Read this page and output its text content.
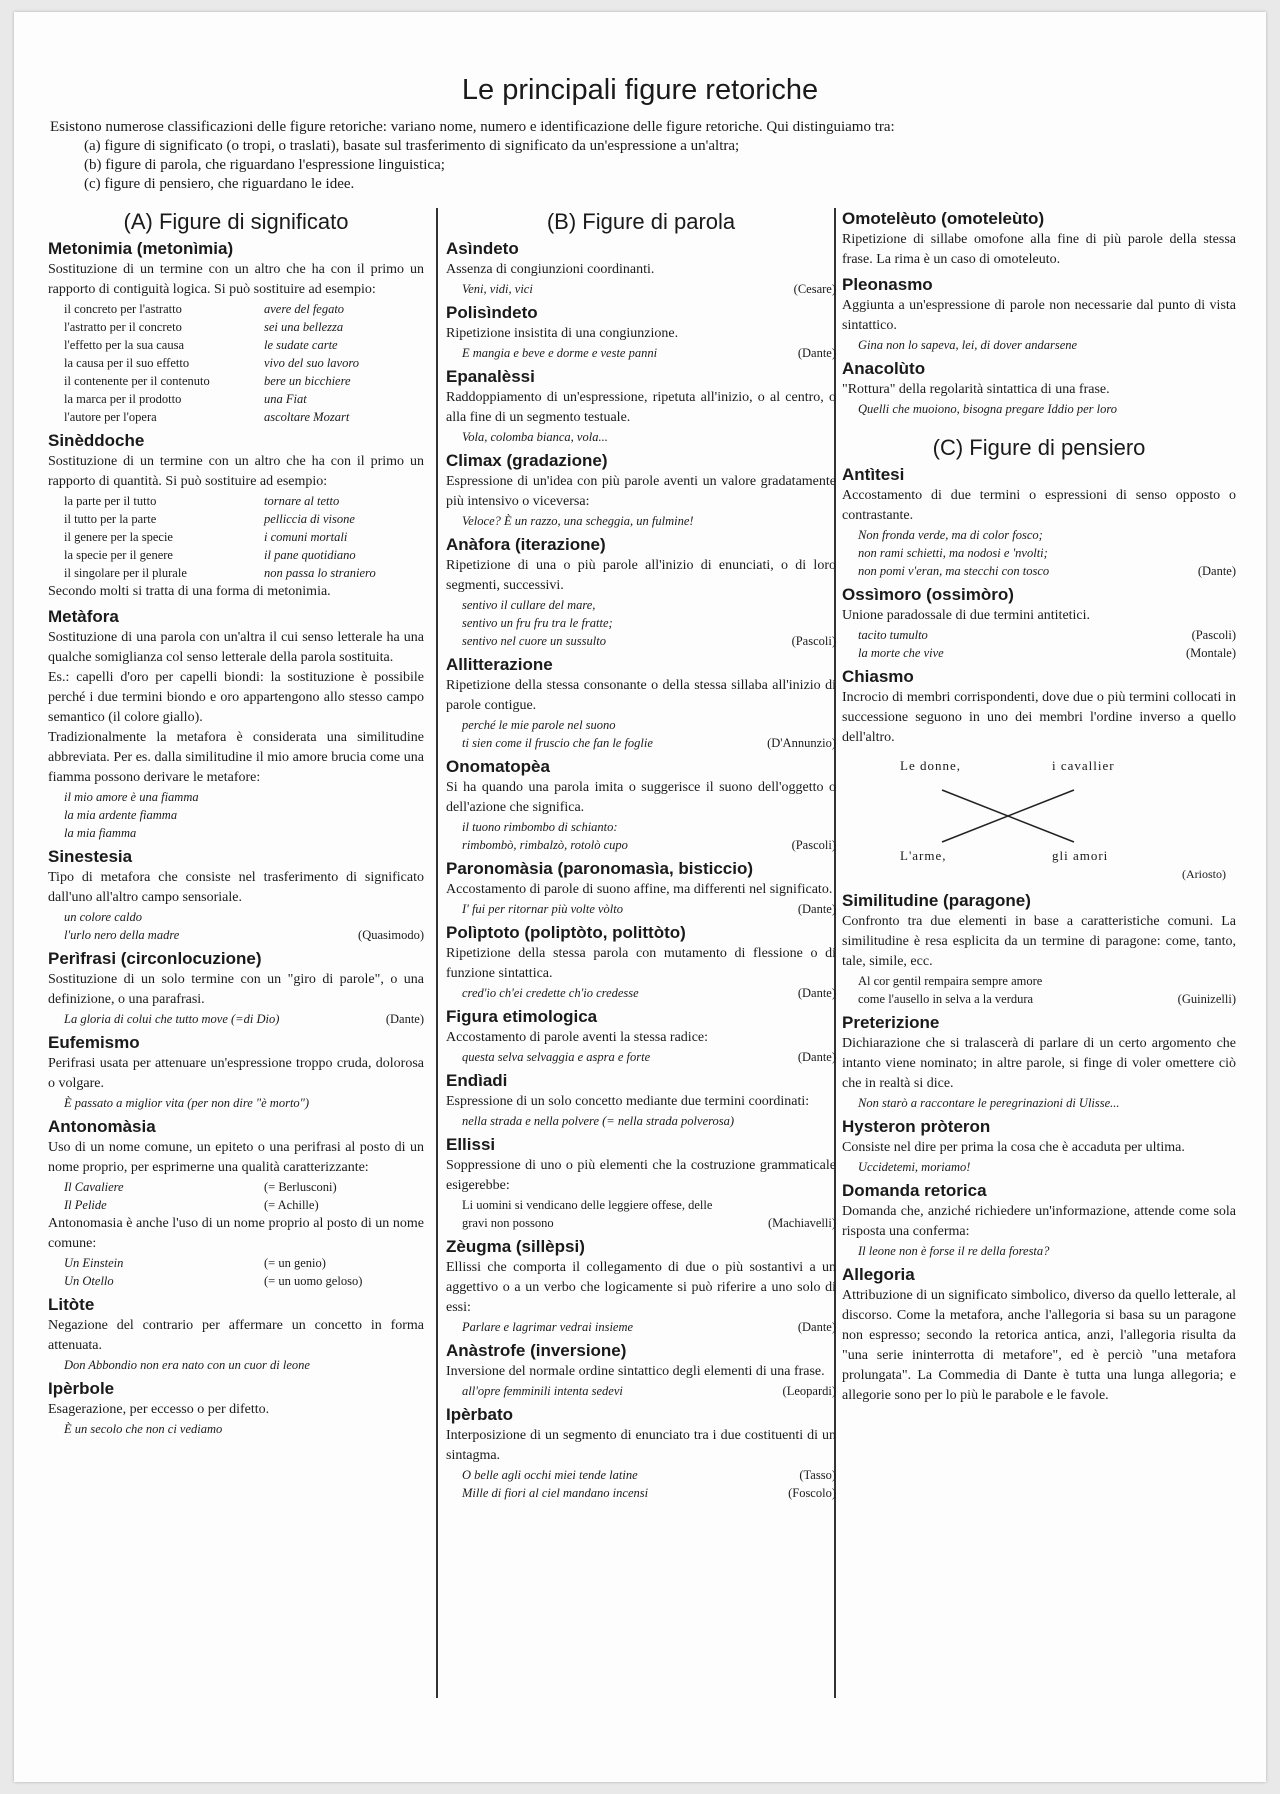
Le principali figure retoriche

Esistono numerose classificazioni delle figure retoriche: variano nome, numero e identificazione delle figure retoriche. Qui distinguiamo tra:

(a) figure di significato (o tropi, o traslati), basate sul trasferimento di significato da un'espressione a un'altra;
(b) figure di parola, che riguardano l'espressione linguistica;
(c) figure di pensiero, che riguardano le idee.
(A) Figure di significato
Metonimia (metonìmia)

Sostituzione di un termine con un altro che ha con il primo un rapporto di contiguità logica. Si può sostituire ad esempio:

il concreto per l'astratto	avere del fegato
l'astratto per il concreto	sei una bellezza
l'effetto per la sua causa	le sudate carte
la causa per il suo effetto	vivo del suo lavoro
il contenente per il contenuto	bere un bicchiere
la marca per il prodotto	una Fiat
l'autore per l'opera	ascoltare Mozart
Sinèddoche

Sostituzione di un termine con un altro che ha con il primo un rapporto di quantità. Si può sostituire ad esempio:

la parte per il tutto	tornare al tetto
il tutto per la parte	pelliccia di visone
il genere per la specie	i comuni mortali
la specie per il genere	il pane quotidiano
il singolare per il plurale	non passa lo straniero

Secondo molti si tratta di una forma di metonimia.

Metàfora

Sostituzione di una parola con un'altra il cui senso letterale ha una qualche somiglianza col senso letterale della parola sostituita.

Es.: capelli d'oro per capelli biondi: la sostituzione è possibile perché i due termini biondo e oro appartengono allo stesso campo semantico (il colore giallo).

Tradizionalmente la metafora è considerata una similitudine abbreviata. Per es. dalla similitudine il mio amore brucia come una fiamma possono derivare le metafore:

il mio amore è una fiamma
la mia ardente fiamma
la mia fiamma
Sinestesia

Tipo di metafora che consiste nel trasferimento di significato dall'uno all'altro campo sensoriale.

un colore caldo
l'urlo nero della madre	(Quasimodo)
Perìfrasi (circonlocuzione)

Sostituzione di un solo termine con un "giro di parole", o una definizione, o una parafrasi.

La gloria di colui che tutto move (=di Dio)	(Dante)
Eufemismo

Perifrasi usata per attenuare un'espressione troppo cruda, dolorosa o volgare.

È passato a miglior vita (per non dire "è morto")
Antonomàsia

Uso di un nome comune, un epiteto o una perifrasi al posto di un nome proprio, per esprimerne una qualità caratterizzante:

Il Cavaliere	(= Berlusconi)
Il Pelide	(= Achille)

Antonomasia è anche l'uso di un nome proprio al posto di un nome comune:

Un Einstein	(= un genio)
Un Otello	(= un uomo geloso)
Litòte

Negazione del contrario per affermare un concetto in forma attenuata.

Don Abbondio non era nato con un cuor di leone
Ipèrbole

Esagerazione, per eccesso o per difetto.

È un secolo che non ci vediamo
(B) Figure di parola
Asìndeto

Assenza di congiunzioni coordinanti.

Veni, vidi, vici	(Cesare)
Polisìndeto

Ripetizione insistita di una congiunzione.

E mangia e beve e dorme e veste panni	(Dante)
Epanalèssi

Raddoppiamento di un'espressione, ripetuta all'inizio, o al centro, o alla fine di un segmento testuale.

Vola, colomba bianca, vola...
Climax (gradazione)

Espressione di un'idea con più parole aventi un valore gradatamente più intensivo o viceversa:

Veloce? È un razzo, una scheggia, un fulmine!
Anàfora (iterazione)

Ripetizione di una o più parole all'inizio di enunciati, o di loro segmenti, successivi.

sentivo il cullare del mare,
sentivo un fru fru tra le fratte;
sentivo nel cuore un sussulto	(Pascoli)
Allitterazione

Ripetizione della stessa consonante o della stessa sillaba all'inizio di parole contigue.

perché le mie parole nel suono
ti sien come il fruscio che fan le foglie	(D'Annunzio)
Onomatopèa

Si ha quando una parola imita o suggerisce il suono dell'oggetto o dell'azione che significa.

il tuono rimbombo di schianto:
rimbombò, rimbalzò, rotolò cupo	(Pascoli)
Paronomàsia (paronomasìa, bisticcio)

Accostamento di parole di suono affine, ma differenti nel significato.

I' fui per ritornar più volte vòlto	(Dante)
Polìptoto (poliptòto, polittòto)

Ripetizione della stessa parola con mutamento di flessione o di funzione sintattica.

cred'io ch'ei credette ch'io credesse	(Dante)
Figura etimologica

Accostamento di parole aventi la stessa radice:

questa selva selvaggia e aspra e forte	(Dante)
Endìadi

Espressione di un solo concetto mediante due termini coordinati:

nella strada e nella polvere (= nella strada polverosa)
Ellissi

Soppressione di uno o più elementi che la costruzione grammaticale esigerebbe:

Li uomini si vendicano delle leggiere offese, delle
gravi non possono	(Machiavelli)
Zèugma (sillèpsi)

Ellissi che comporta il collegamento di due o più sostantivi a un aggettivo o a un verbo che logicamente si può riferire a uno solo di essi:

Parlare e lagrimar vedrai insieme	(Dante)
Anàstrofe (inversione)

Inversione del normale ordine sintattico degli elementi di una frase.

all'opre femminili intenta sedevi	(Leopardi)
Ipèrbato

Interposizione di un segmento di enunciato tra i due costituenti di un sintagma.

O belle agli occhi miei tende latine	(Tasso)
Mille di fiori al ciel mandano incensi	(Foscolo)
Omotelèuto (omoteleùto)

Ripetizione di sillabe omofone alla fine di più parole della stessa frase. La rima è un caso di omoteleuto.

Pleonasmo

Aggiunta a un'espressione di parole non necessarie dal punto di vista sintattico.

Gina non lo sapeva, lei, di dover andarsene
Anacolùto

"Rottura" della regolarità sintattica di una frase.

Quelli che muoiono, bisogna pregare Iddio per loro
(C) Figure di pensiero
Antìtesi

Accostamento di due termini o espressioni di senso opposto o contrastante.

Non fronda verde, ma di color fosco;
non rami schietti, ma nodosi e 'nvolti;
non pomi v'eran, ma stecchi con tosco	(Dante)
Ossìmoro (ossimòro)

Unione paradossale di due termini antitetici.

tacito tumulto	(Pascoli)
la morte che vive	(Montale)
Chiasmo

Incrocio di membri corrispondenti, dove due o più termini collocati in successione seguono in uno dei membri l'ordine inverso a quello dell'altro.

Le donne,	i cavallier
L'arme,	gli amori
(Ariosto)
Similitudine (paragone)

Confronto tra due elementi in base a caratteristiche comuni. La similitudine è resa esplicita da un termine di paragone: come, tanto, tale, simile, ecc.

Al cor gentil rempaira sempre amore
come l'ausello in selva a la verdura	(Guinizelli)
Preterizione

Dichiarazione che si tralascerà di parlare di un certo argomento che intanto viene nominato; in altre parole, si finge di voler omettere ciò che in realtà si dice.

Non starò a raccontare le peregrinazioni di Ulisse...
Hysteron pròteron

Consiste nel dire per prima la cosa che è accaduta per ultima.

Uccidetemi, moriamo!
Domanda retorica

Domanda che, anziché richiedere un'informazione, attende come sola risposta una conferma:

Il leone non è forse il re della foresta?
Allegoria

Attribuzione di un significato simbolico, diverso da quello letterale, al discorso. Come la metafora, anche l'allegoria si basa su un paragone non espresso; secondo la retorica antica, anzi, l'allegoria risulta da "una serie ininterrotta di metafore", ed è perciò "una metafora prolungata". La Commedia di Dante è tutta una lunga allegoria; e allegorie sono per lo più le parabole e le favole.
